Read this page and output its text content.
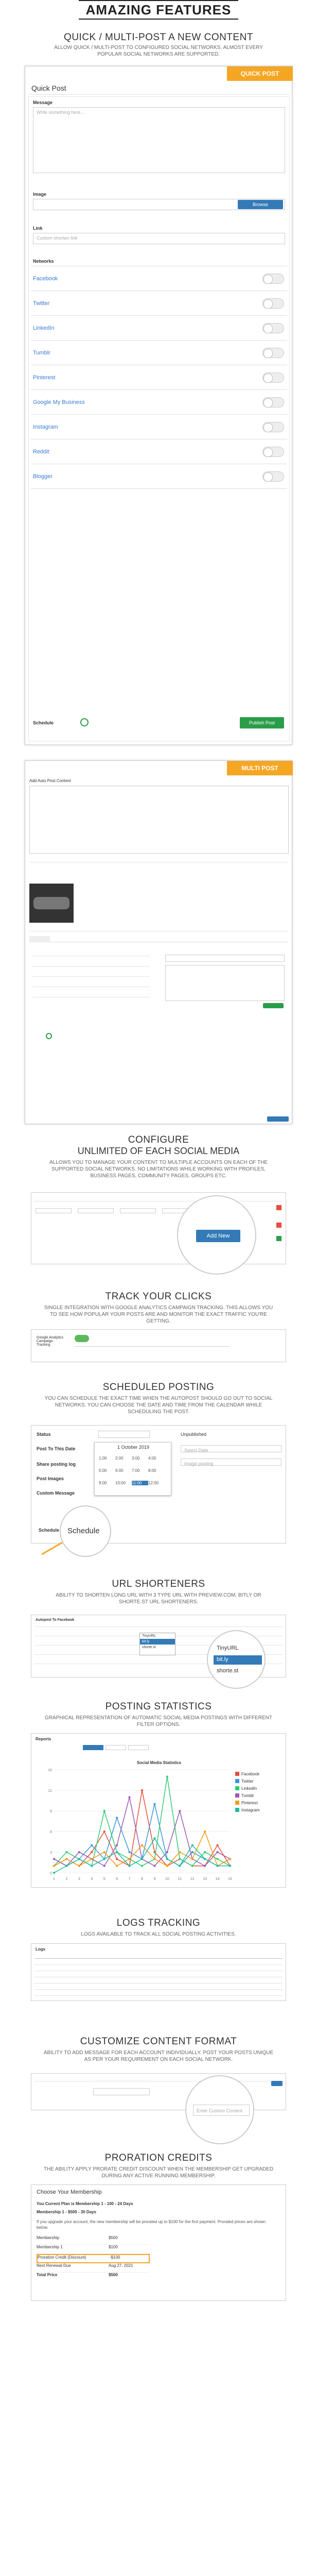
AMAZING FEATURES
QUICK / MULTI-POST A NEW CONTENT
ALLOW QUICK / MULTI-POST TO CONFIGURED SOCIAL NETWORKS. ALMOST EVERY POPULAR SOCIAL NETWORKS ARE SUPPORTED.
QUICK POST
Quick Post
Message
Write something here...
Image
Browse
Link
Custom shorten link
Networks
Facebook
Twitter
LinkedIn
Tumblr
Pinterest
Google My Business
Instagram
Reddit
Blogger
Schedule	Publish Post
MULTI POST
Add Auto Post Content
CONFIGURE
UNLIMITED OF EACH SOCIAL MEDIA
ALLOWS YOU TO MANAGE YOUR CONTENT TO MULTIPLE ACCOUNTS ON EACH OF THE SUPPORTED SOCIAL NETWORKS. NO LIMITATIONS WHILE WORKING WITH PROFILES, BUSINESS PAGES, COMMUNITY PAGES, GROUPS ETC.
Add New
TRACK YOUR CLICKS
SINGLE INTEGRATION WITH GOOGLE ANALYTICS CAMPAIGN TRACKING. THIS ALLOWS YOU TO SEE HOW POPULAR YOUR POSTS ARE AND MONITOR THE EXACT TRAFFIC YOU'RE GETTING.
Google Analytics Campaign Tracking
SCHEDULED POSTING
YOU CAN SCHEDULE THE EXACT TIME WHEN THE AUTOPOST SHOULD GO OUT TO SOCIAL NETWORKS. YOU CAN CHOOSE THE DATE AND TIME FROM THE CALENDAR WHILE SCHEDULING THE POST.
Status	Unpublished
Post To This Date	Select Date
Image posting
Share posting log
Post Images
Custom Message
1 October 2019
1:00 2:00 3:00 4:00
5:00 6:00 7:00 8:00
9:00 10:00 11:00 12:00
Schedule Schedule
URL SHORTENERS
ABILITY TO SHORTEN LONG URL WITH 3 TYPE URL WITH PREVIEW.COM, BITLY OR SHORTE.ST URL SHORTENERS.
Autopost To Facebook
TinyURL
bit.ly
shorte.st	TinyURL
bit.ly
shorte.st
POSTING STATISTICS
GRAPHICAL REPRESENTATION OF AUTOMATIC SOCIAL MEDIA POSTINGS WITH DIFFERENT FILTER OPTIONS.
Reports
Social Media Statistics
0
3
6
9
12
15
1	2	3	4	5	6	7	8	9	10 11 12 13 14 15
Facebook
Twitter
LinkedIn
Tumblr
Pinterest
Instagram
LOGS TRACKING
LOGS AVAILABLE TO TRACK ALL SOCIAL POSTING ACTIVITIES.
Logs
CUSTOMIZE CONTENT FORMAT
ABILITY TO ADD MESSAGE FOR EACH ACCOUNT INDIVIDUALLY. POST YOUR POSTS UNIQUE AS PER YOUR REQUIREMENT ON EACH SOCIAL NETWORK.
Enter Custom Content
PRORATION CREDITS
THE ABILITY APPLY PRORATE CREDIT DISCOUNT WHEN THE MEMBERSHIP GET UPGRADED DURING ANY ACTIVE RUNNING MEMBERSHIP.
Choose Your Membership
You Current Plan is Membership 1 - 100 - 24 Days
Membership 1 - $500 - 30 Days
If you upgrade your account, the new membership will be prorated up to $100 for the first payment. Prorated prices are shown below.
Membership	$500
Membership 1	$100
Proration Credit (Discount)	-$100
Next Renewal Due	Aug 27, 2021
Total Price	$500
